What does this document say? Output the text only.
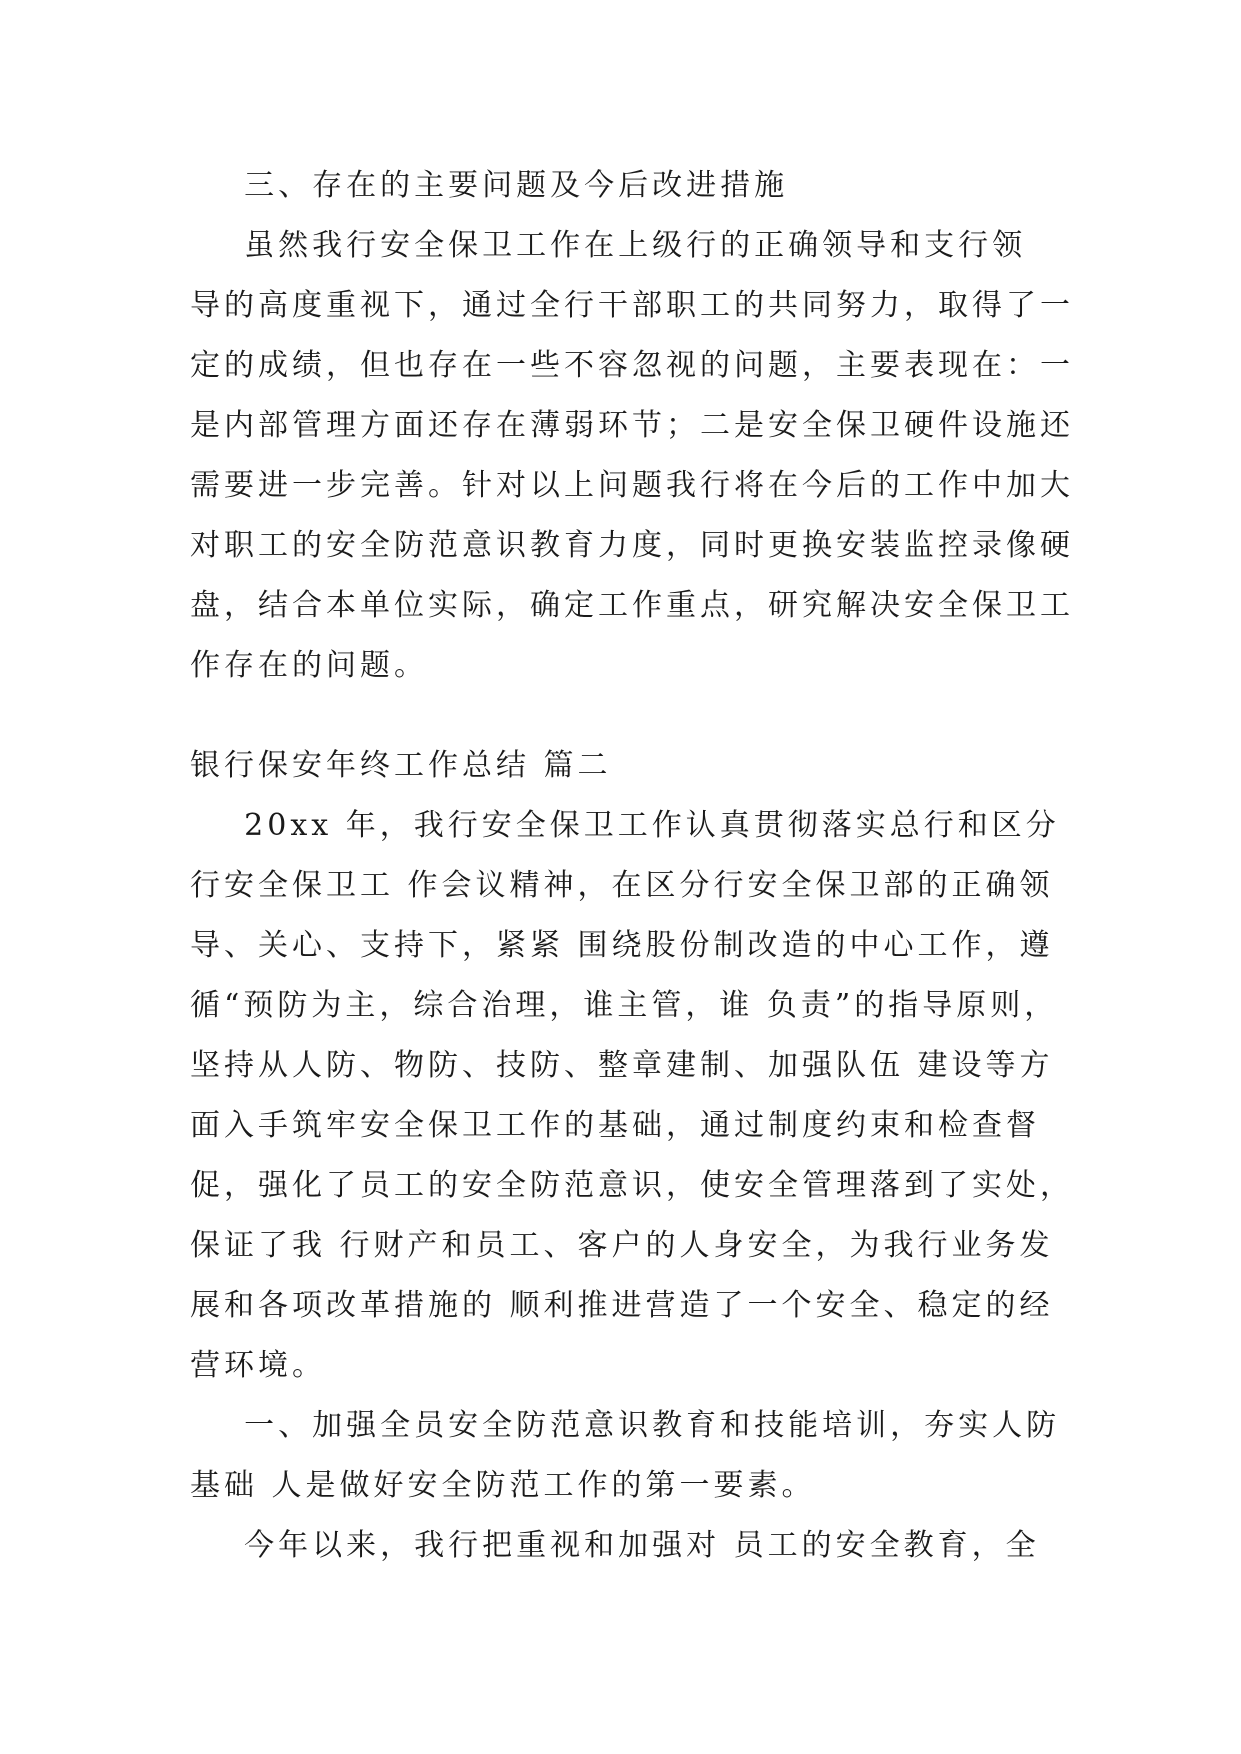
三、存在的主要问题及今后改进措施
虽然我行安全保卫工作在上级行的正确领导和支行领
导的高度重视下，通过全行干部职工的共同努力，取得了一
定的成绩，但也存在一些不容忽视的问题，主要表现在：一
是内部管理方面还存在薄弱环节；二是安全保卫硬件设施还
需要进一步完善。针对以上问题我行将在今后的工作中加大
对职工的安全防范意识教育力度，同时更换安装监控录像硬
盘，结合本单位实际，确定工作重点，研究解决安全保卫工
作存在的问题。
银行保安年终工作总结 篇二
20xx 年，我行安全保卫工作认真贯彻落实总行和区分
行安全保卫工 作会议精神，在区分行安全保卫部的正确领
导、关心、支持下，紧紧 围绕股份制改造的中心工作，遵
循“预防为主，综合治理，谁主管，谁 负责”的指导原则，
坚持从人防、物防、技防、整章建制、加强队伍 建设等方
面入手筑牢安全保卫工作的基础，通过制度约束和检查督
促，强化了员工的安全防范意识，使安全管理落到了实处，
保证了我 行财产和员工、客户的人身安全，为我行业务发
展和各项改革措施的 顺利推进营造了一个安全、稳定的经
营环境。
一、加强全员安全防范意识教育和技能培训，夯实人防
基础 人是做好安全防范工作的第一要素。
今年以来，我行把重视和加强对 员工的安全教育，全
